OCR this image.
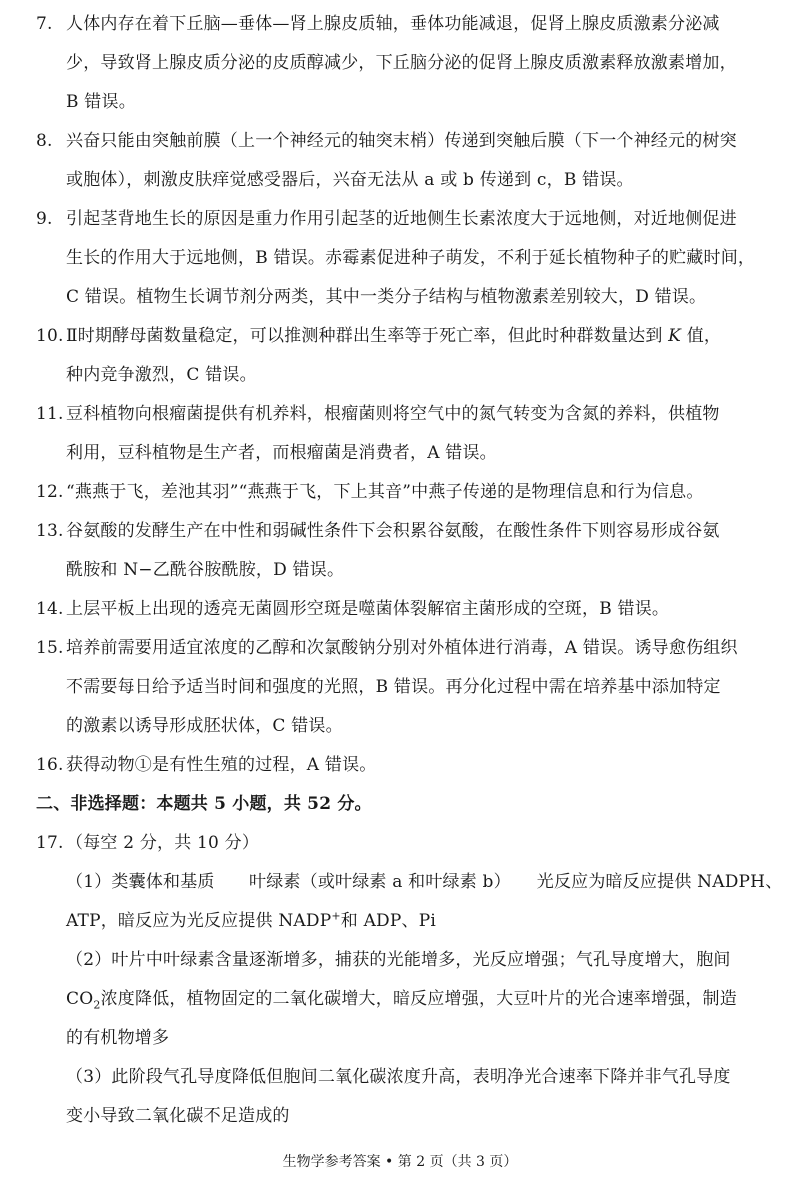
7. 人体内存在着下丘脑—垂体—肾上腺皮质轴，垂体功能减退，促肾上腺皮质激素分泌减
少，导致肾上腺皮质分泌的皮质醇减少，下丘脑分泌的促肾上腺皮质激素释放激素增加，
B 错误。
8. 兴奋只能由突触前膜（上一个神经元的轴突末梢）传递到突触后膜（下一个神经元的树突
或胞体），刺激皮肤痒觉感受器后，兴奋无法从 a 或 b 传递到 c，B 错误。
9. 引起茎背地生长的原因是重力作用引起茎的近地侧生长素浓度大于远地侧，对近地侧促进
生长的作用大于远地侧，B 错误。赤霉素促进种子萌发，不利于延长植物种子的贮藏时间，
C 错误。植物生长调节剂分两类，其中一类分子结构与植物激素差别较大，D 错误。
10. Ⅱ时期酵母菌数量稳定，可以推测种群出生率等于死亡率，但此时种群数量达到 K 值，
种内竞争激烈，C 错误。
11. 豆科植物向根瘤菌提供有机养料，根瘤菌则将空气中的氮气转变为含氮的养料，供植物
利用，豆科植物是生产者，而根瘤菌是消费者，A 错误。
12. “燕燕于飞，差池其羽”“燕燕于飞，下上其音”中燕子传递的是物理信息和行为信息。
13. 谷氨酸的发酵生产在中性和弱碱性条件下会积累谷氨酸，在酸性条件下则容易形成谷氨
酰胺和 N−乙酰谷胺酰胺，D 错误。
14. 上层平板上出现的透亮无菌圆形空斑是噬菌体裂解宿主菌形成的空斑，B 错误。
15. 培养前需要用适宜浓度的乙醇和次氯酸钠分别对外植体进行消毒，A 错误。诱导愈伤组织
不需要每日给予适当时间和强度的光照，B 错误。再分化过程中需在培养基中添加特定
的激素以诱导形成胚状体，C 错误。
16. 获得动物①是有性生殖的过程，A 错误。
二、非选择题：本题共 5 小题，共 52 分。
17. （每空 2 分，共 10 分）
（1）类囊体和基质　　叶绿素（或叶绿素 a 和叶绿素 b）　　光反应为暗反应提供 NADPH、
ATP，暗反应为光反应提供 NADP+和 ADP、Pi
（2）叶片中叶绿素含量逐渐增多，捕获的光能增多，光反应增强；气孔导度增大，胞间
$CO_2$浓度降低，植物固定的二氧化碳增大，暗反应增强，大豆叶片的光合速率增强，制造
的有机物增多
（3）此阶段气孔导度降低但胞间二氧化碳浓度升高，表明净光合速率下降并非气孔导度
变小导致二氧化碳不足造成的
生物学参考答案 • 第 2 页（共 3 页）
